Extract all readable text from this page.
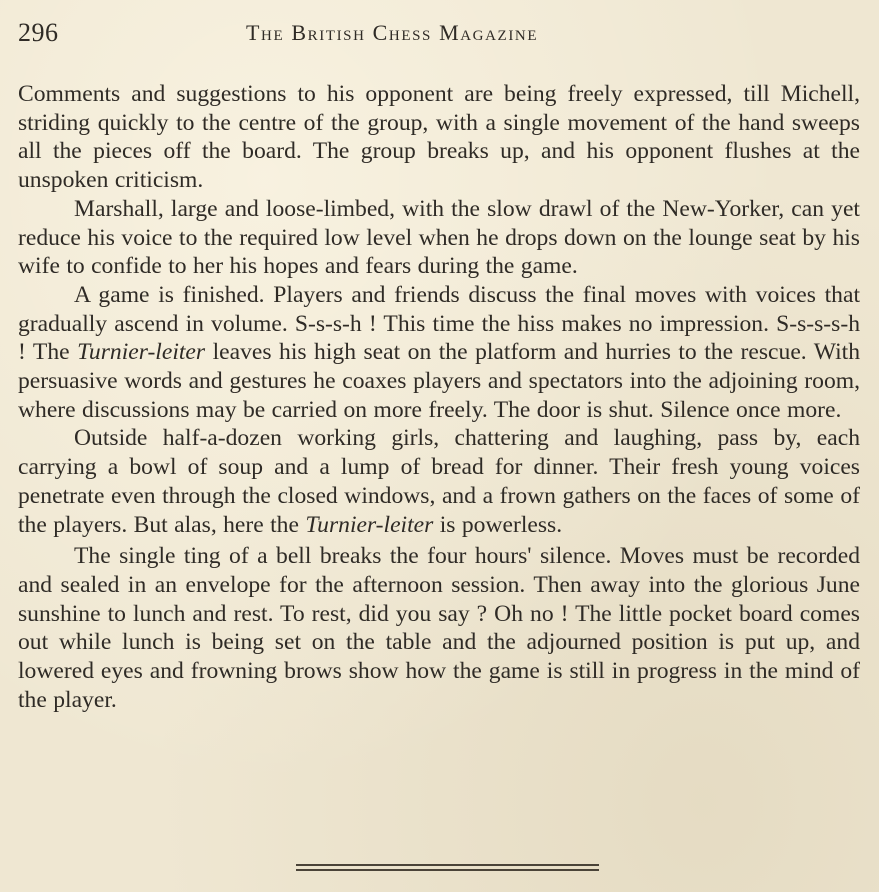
296	The British Chess Magazine

Comments and suggestions to his opponent are being freely expressed, till Michell, striding quickly to the centre of the group, with a single movement of the hand sweeps all the pieces off the board. The group breaks up, and his opponent flushes at the unspoken criticism.

Marshall, large and loose-limbed, with the slow drawl of the New-Yorker, can yet reduce his voice to the required low level when he drops down on the lounge seat by his wife to confide to her his hopes and fears during the game.

A game is finished. Players and friends discuss the final moves with voices that gradually ascend in volume. S-s-s-h ! This time the hiss makes no impression. S-s-s-s-h ! The Turnier-leiter leaves his high seat on the platform and hurries to the rescue. With persuasive words and gestures he coaxes players and spectators into the adjoining room, where discussions may be carried on more freely. The door is shut. Silence once more.

Outside half-a-dozen working girls, chattering and laughing, pass by, each carrying a bowl of soup and a lump of bread for dinner. Their fresh young voices penetrate even through the closed windows, and a frown gathers on the faces of some of the players. But alas, here the Turnier-leiter is powerless.

The single ting of a bell breaks the four hours' silence. Moves must be recorded and sealed in an envelope for the afternoon session. Then away into the glorious June sunshine to lunch and rest. To rest, did you say ? Oh no ! The little pocket board comes out while lunch is being set on the table and the adjourned position is put up, and lowered eyes and frowning brows show how the game is still in progress in the mind of the player.
